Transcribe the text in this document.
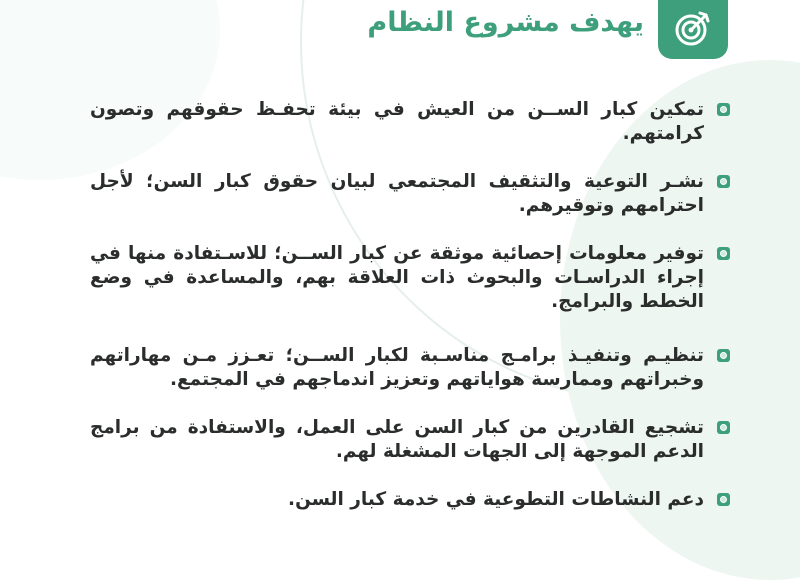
يهدف مشروع النظام
تمكين كبار الســن من العيش في بيئة تحفـظ حقوقهم وتصون كرامتهم.
نشـر التوعية والتثقيف المجتمعي لبيان حقوق كبار السن؛ لأجل احترامهم وتوقيرهم.
توفير معلومات إحصائية موثقة عن كبار الســن؛ للاسـتفادة منها في إجراء الدراسـات والبحوث ذات العلاقة بهم، والمساعدة في وضع الخطط والبرامج.
تنظيـم وتنفيـذ برامـج مناسـبة لكبار الســن؛ تعـزز مـن مهاراتهم وخبراتهم وممارسة هواياتهم وتعزيز اندماجهم في المجتمع.
تشجيع القادرين من كبار السن على العمل، والاستفادة من برامج الدعم الموجهة إلى الجهات المشغلة لهم.
دعم النشاطات التطوعية في خدمة كبار السن.
